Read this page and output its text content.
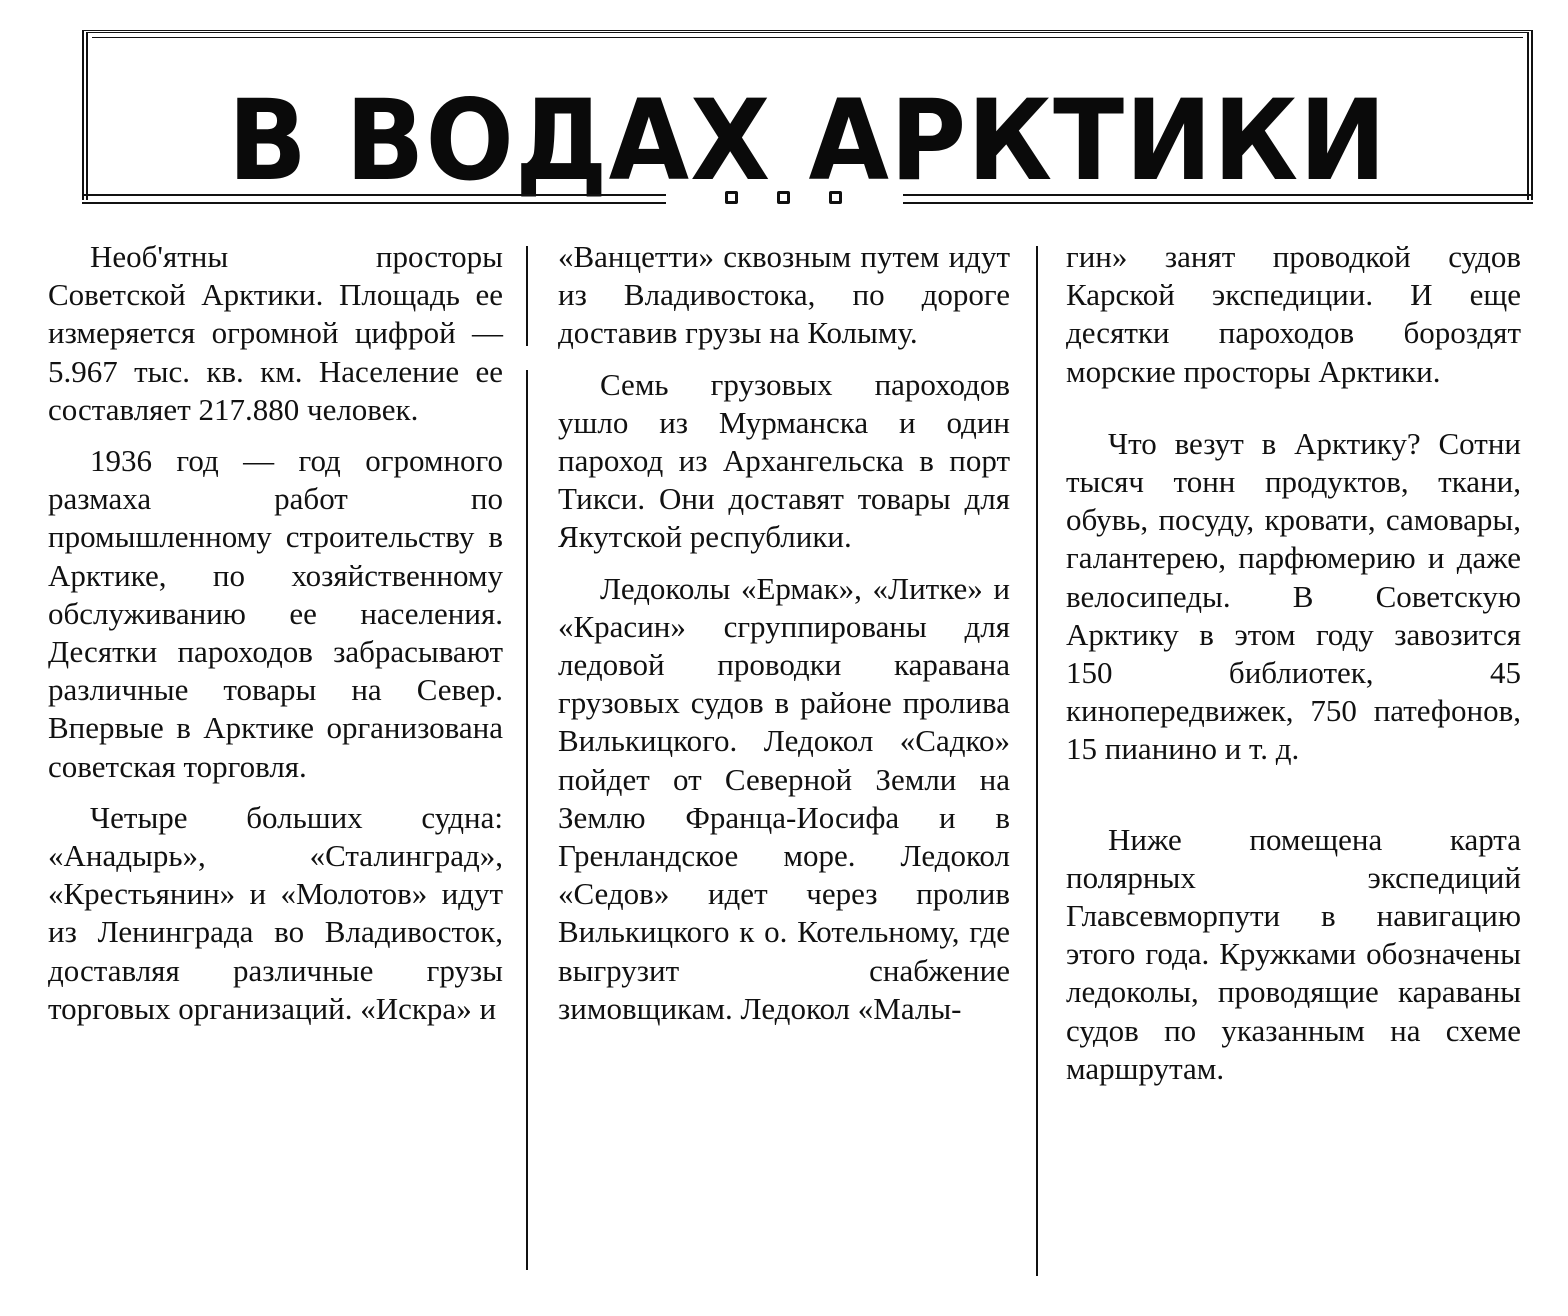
В ВОДАХ АРКТИКИ

Необ'ятны просторы Советской Арктики. Площадь ее измеряется огромной цифрой — 5.967 тыс. кв. км. Население ее составляет 217.880 человек.

1936 год — год огромного размаха работ по промышленному строительству в Арктике, по хозяйственному обслуживанию ее населения. Десятки пароходов забрасывают различные товары на Север. Впервые в Арктике организована советская торговля.

Четыре больших судна: «Анадырь», «Сталинград», «Крестьянин» и «Молотов» идут из Ленинграда во Владивосток, доставляя различные грузы торговых организаций. «Искра» и

«Ванцетти» сквозным путем идут из Владивостока, по дороге доставив грузы на Колыму.

Семь грузовых пароходов ушло из Мурманска и один пароход из Архангельска в порт Тикси. Они доставят товары для Якутской республики.

Ледоколы «Ермак», «Литке» и «Красин» сгруппированы для ледовой проводки каравана грузовых судов в районе пролива Вилькицкого. Ледокол «Садко» пойдет от Северной Земли на Землю Франца-Иосифа и в Гренландское море. Ледокол «Седов» идет через пролив Вилькицкого к о. Котельному, где выгрузит снабжение зимовщикам. Ледокол «Малы-

гин» занят проводкой судов Карской экспедиции. И еще десятки пароходов бороздят морские просторы Арктики.

Что везут в Арктику? Сотни тысяч тонн продуктов, ткани, обувь, посуду, кровати, самовары, галантерею, парфюмерию и даже велосипеды. В Советскую Арктику в этом году завозится 150 библиотек, 45 кинопередвижек, 750 патефонов, 15 пианино и т. д.

Ниже помещена карта полярных экспедиций Главсевморпути в навигацию этого года. Кружками обозначены ледоколы, проводящие караваны судов по указанным на схеме маршрутам.
